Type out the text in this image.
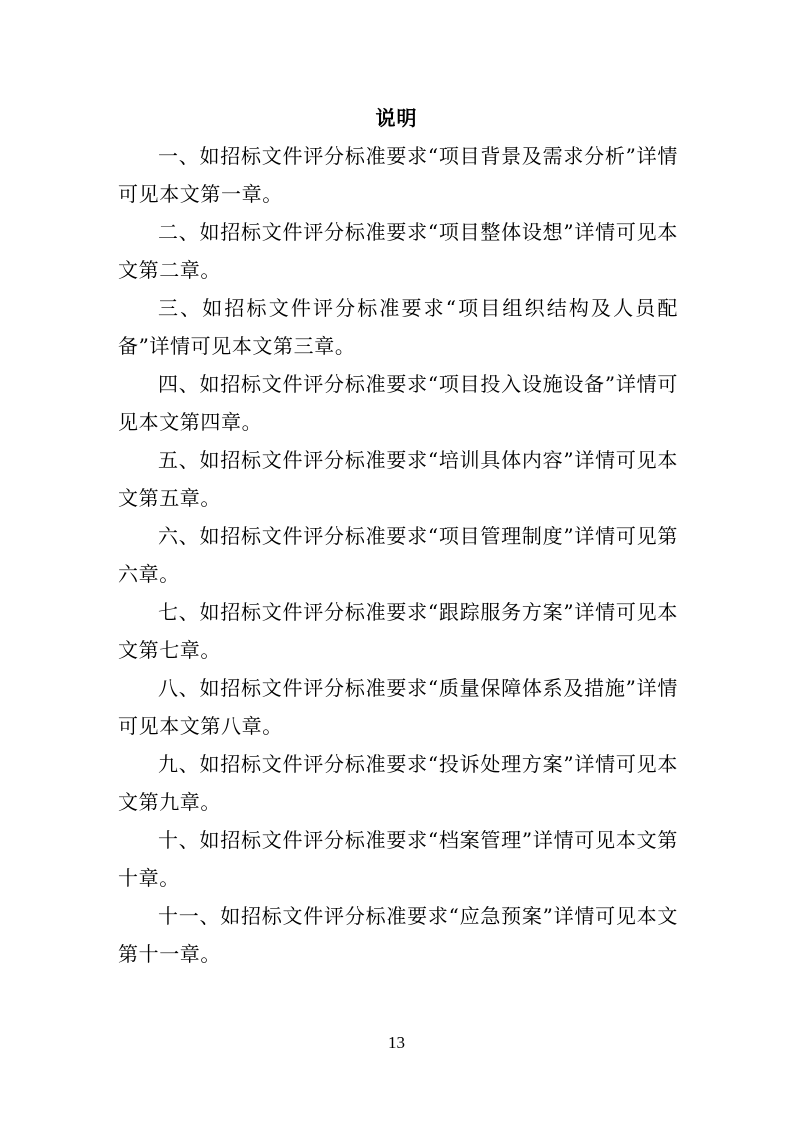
说明

一、如招标文件评分标准要求“项目背景及需求分析”详情可见本文第一章。

二、如招标文件评分标准要求“项目整体设想”详情可见本文第二章。

三、如招标文件评分标准要求“项目组织结构及人员配备”详情可见本文第三章。

四、如招标文件评分标准要求“项目投入设施设备”详情可见本文第四章。

五、如招标文件评分标准要求“培训具体内容”详情可见本文第五章。

六、如招标文件评分标准要求“项目管理制度”详情可见第六章。

七、如招标文件评分标准要求“跟踪服务方案”详情可见本文第七章。

八、如招标文件评分标准要求“质量保障体系及措施”详情可见本文第八章。

九、如招标文件评分标准要求“投诉处理方案”详情可见本文第九章。

十、如招标文件评分标准要求“档案管理”详情可见本文第十章。

十一、如招标文件评分标准要求“应急预案”详情可见本文第十一章。

13
